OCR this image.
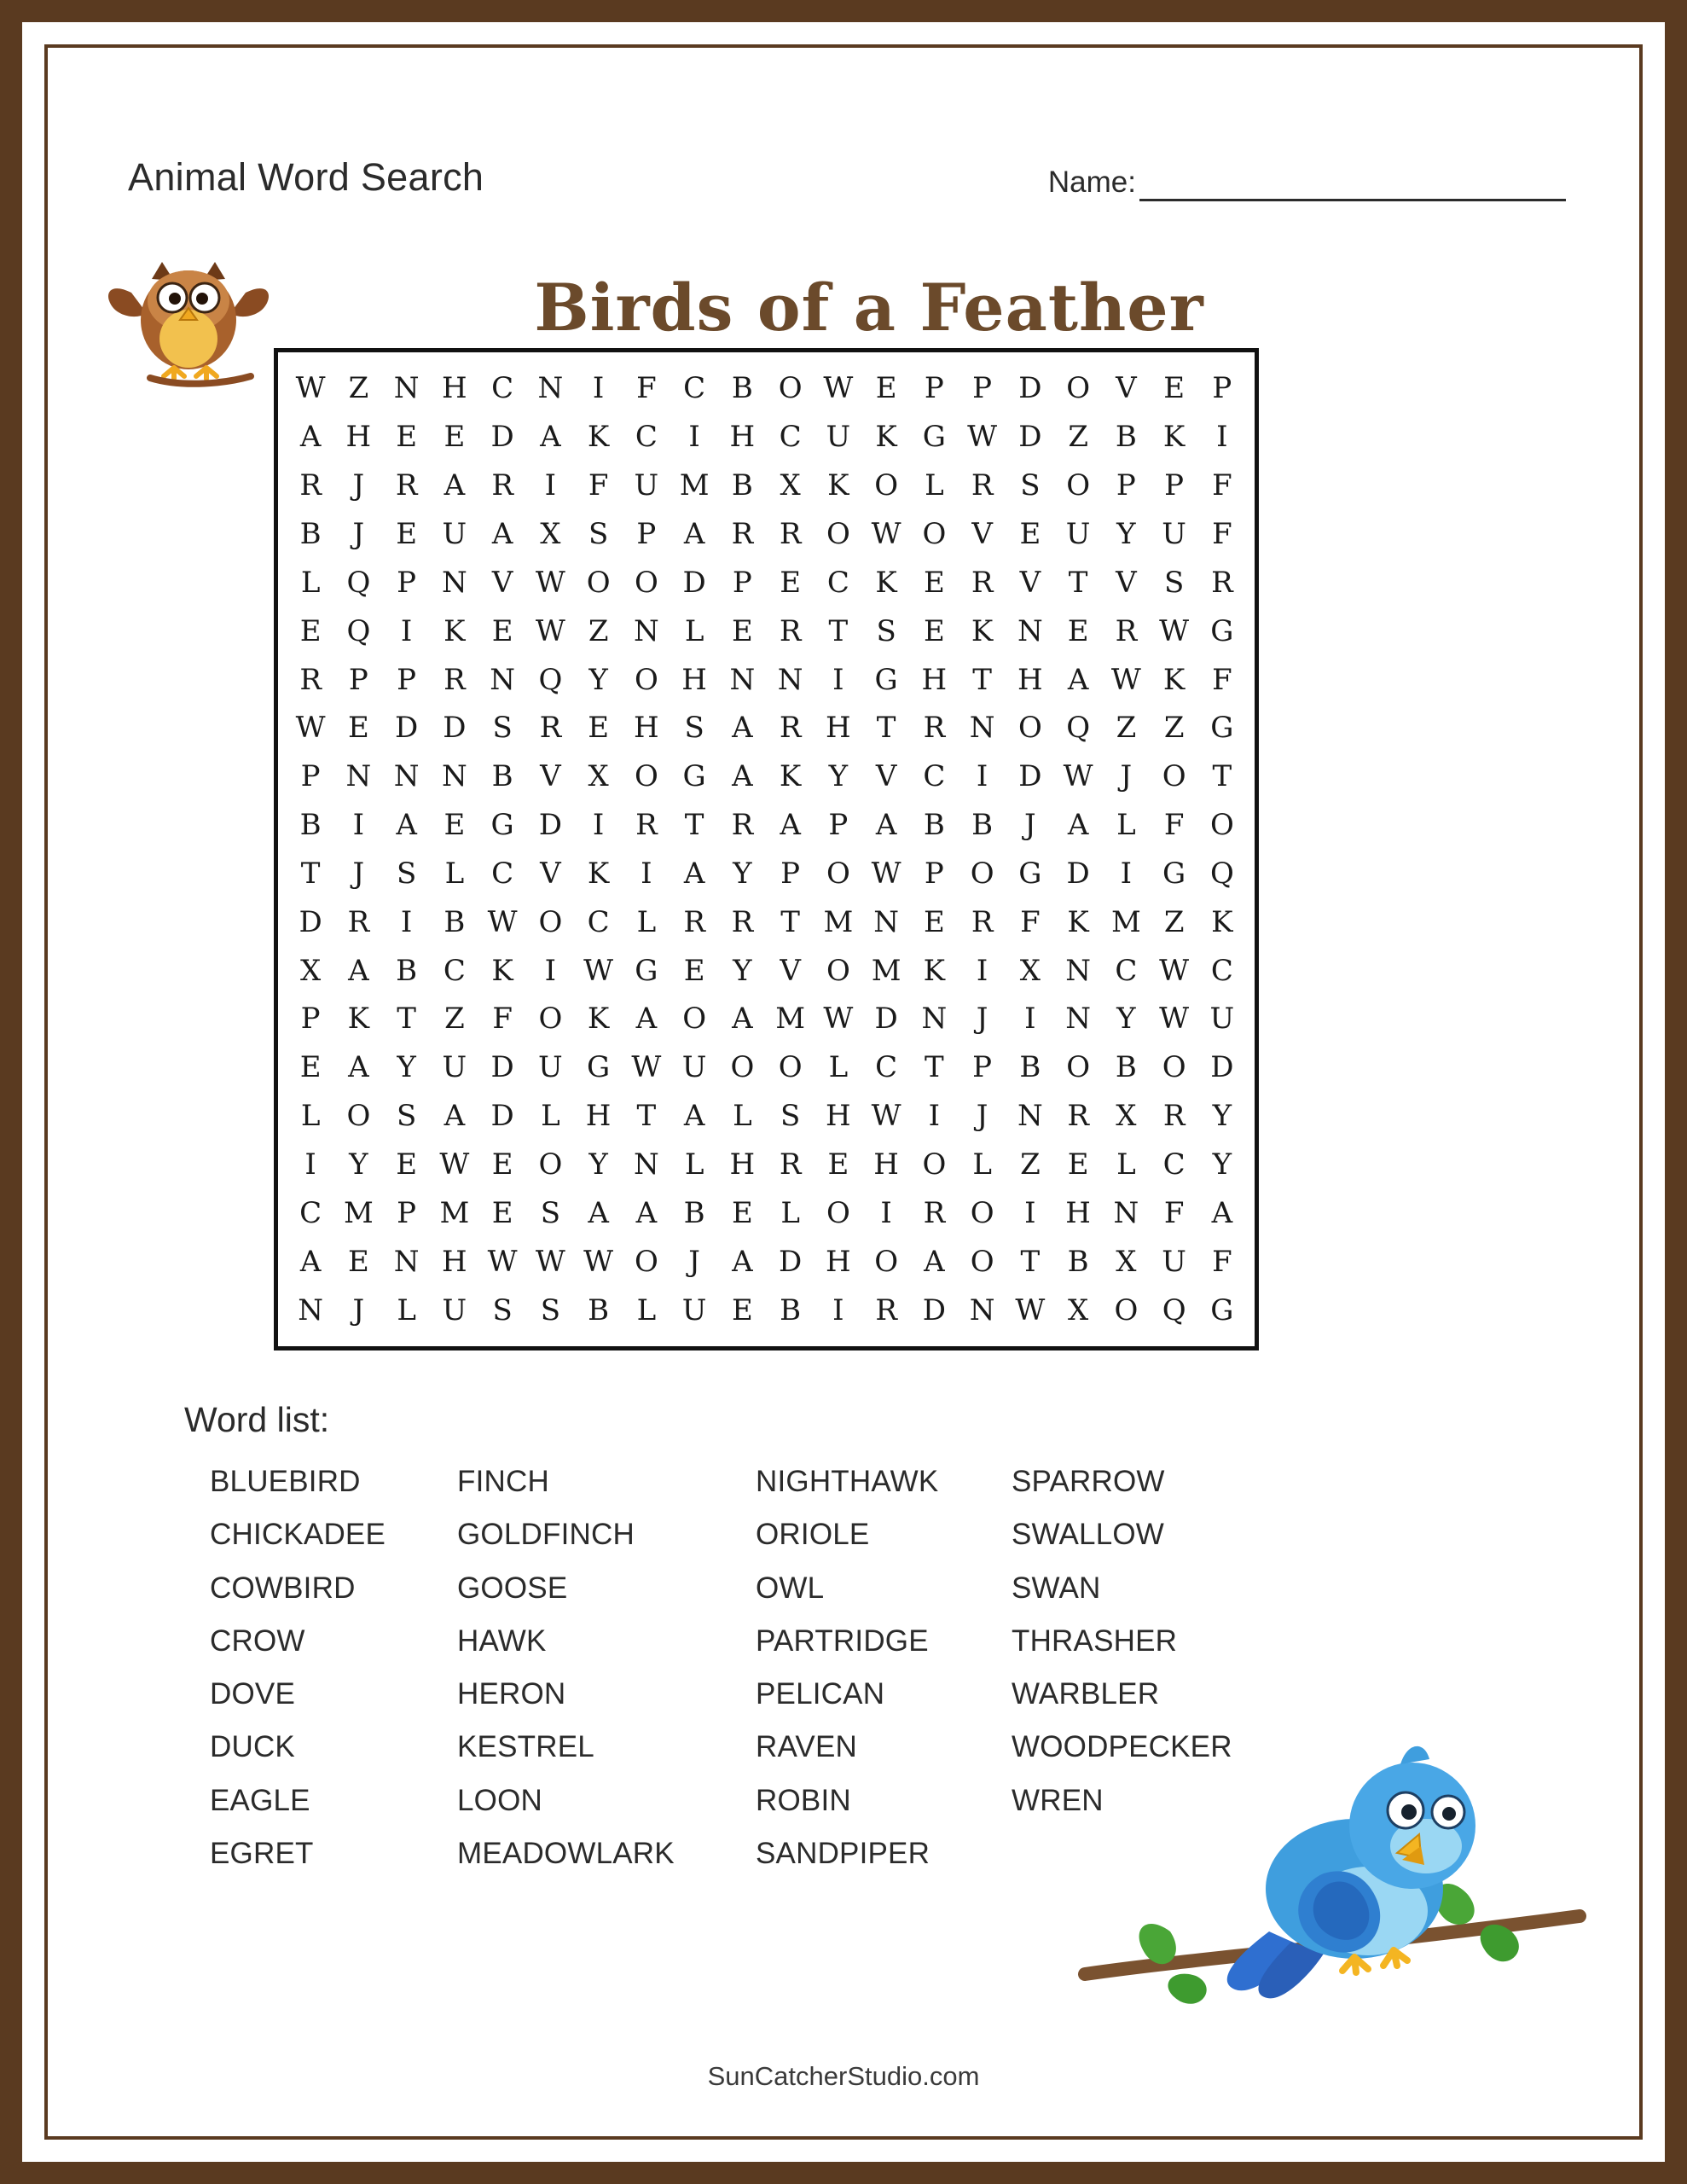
Animal Word Search	Name:
Birds of a Feather
W Z N H C N I F C B O W E P P D O V E P
A H E E D A K C I H C U K G W D Z B K I
R J R A R I F U M B X K O L R S O P P F
B J E U A X S P A R R O W O V E U Y U F
L Q P N V W O O D P E C K E R V T V S R
E Q I K E W Z N L E R T S E K N E R W G
R P P R N Q Y O H N N I G H T H A W K F
W E D D S R E H S A R H T R N O Q Z Z G
P N N N B V X O G A K Y V C I D W J O T
B I A E G D I R T R A P A B B J A L F O
T J S L C V K I A Y P O W P O G D I G Q
D R I B W O C L R R T M N E R F K M Z K
X A B C K I W G E Y V O M K I X N C W C
P K T Z F O K A O A M W D N J I N Y W U
E A Y U D U G W U O O L C T P B O B O D
L O S A D L H T A L S H W I J N R X R Y
I Y E W E O Y N L H R E H O L Z E L C Y
C M P M E S A A B E L O I R O I H N F A
A E N H W W W O J A D H O A O T B X U F
N J L U S S B L U E B I R D N W X O Q G
Word list:
BLUEBIRD
CHICKADEE
COWBIRD
CROW
DOVE
DUCK
EAGLE
EGRET
FINCH
GOLDFINCH
GOOSE
HAWK
HERON
KESTREL
LOON
MEADOWLARK
NIGHTHAWK
ORIOLE
OWL
PARTRIDGE
PELICAN
RAVEN
ROBIN
SANDPIPER
SPARROW
SWALLOW
SWAN
THRASHER
WARBLER
WOODPECKER
WREN
SunCatcherStudio.com
